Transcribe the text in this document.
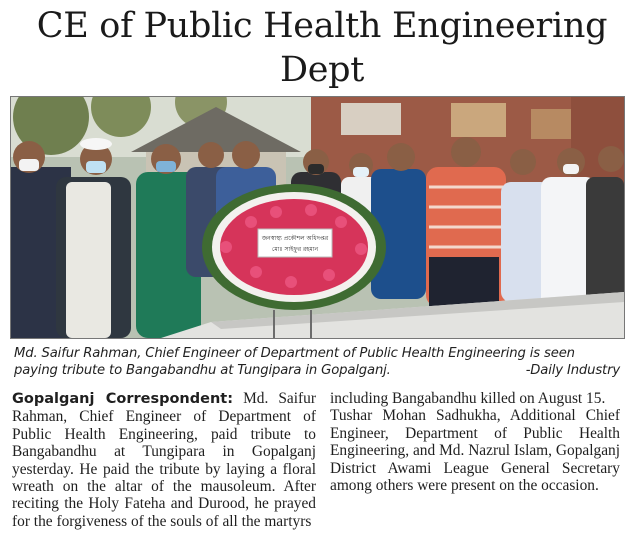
CE of Public Health Engineering Dept
জনস্বাস্থ্য প্রকৌশল অধিদপ্তর
মোঃ সাইফুর রহমান
Md. Saifur Rahman, Chief Engineer of Department of Public Health Engineering is seen paying tribute to Bangabandhu at Tungipara in Gopalganj.	-Daily Industry

Gopalganj Correspondent: Md. Saifur Rahman, Chief Engineer of Department of Public Health Engineering, paid tribute to Bangabandhu at Tungipara in Gopalganj yesterday. He paid the tribute by laying a floral wreath on the altar of the mausoleum. After reciting the Holy Fateha and Durood, he prayed for the forgiveness of the souls of all the martyrs

including Bangabandhu killed on August 15.

Tushar Mohan Sadhukha, Additional Chief Engineer, Department of Public Health Engineering, and Md. Nazrul Islam, Gopalganj District Awami League General Secretary among others were present on the occasion.
